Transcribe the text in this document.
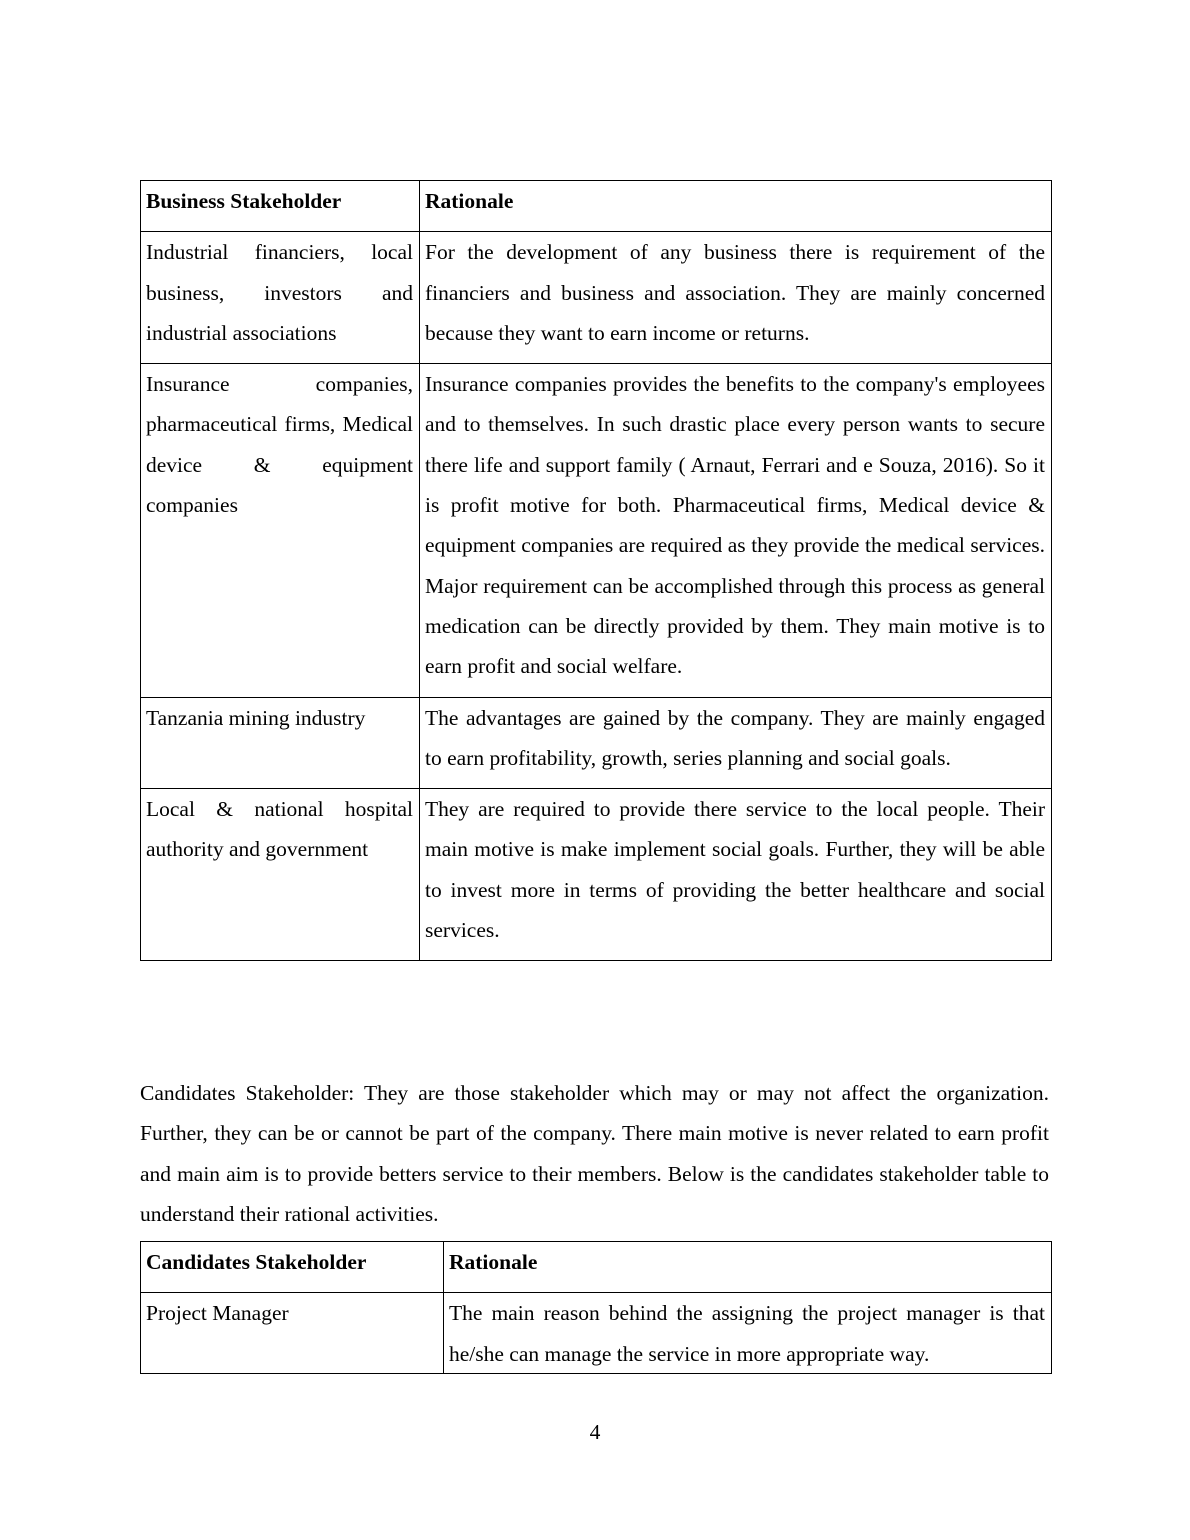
Business Stakeholder	Rationale
Industrial financiers, local business, investors and industrial associations	For the development of any business there is requirement of the financiers and business and association. They are mainly concerned because they want to earn income or returns.
Insurance companies, pharmaceutical firms, Medical device & equipment companies	Insurance companies provides the benefits to the company's employees and to themselves. In such drastic place every person wants to secure there life and support family ( Arnaut, Ferrari and e Souza, 2016). So it is profit motive for both. Pharmaceutical firms, Medical device & equipment companies are required as they provide the medical services. Major requirement can be accomplished through this process as general medication can be directly provided by them. They main motive is to earn profit and social welfare.
Tanzania mining industry	The advantages are gained by the company. They are mainly engaged to earn profitability, growth, series planning and social goals.
Local & national hospital authority and government	They are required to provide there service to the local people. Their main motive is make implement social goals. Further, they will be able to invest more in terms of providing the better healthcare and social services.

Candidates Stakeholder: They are those stakeholder which may or may not affect the organization. Further, they can be or cannot be part of the company. There main motive is never related to earn profit and main aim is to provide betters service to their members. Below is the candidates stakeholder table to understand their rational activities.

Candidates Stakeholder	Rationale

Project Manager	The main reason behind the assigning the project manager is that he/she can manage the service in more appropriate way.
4
